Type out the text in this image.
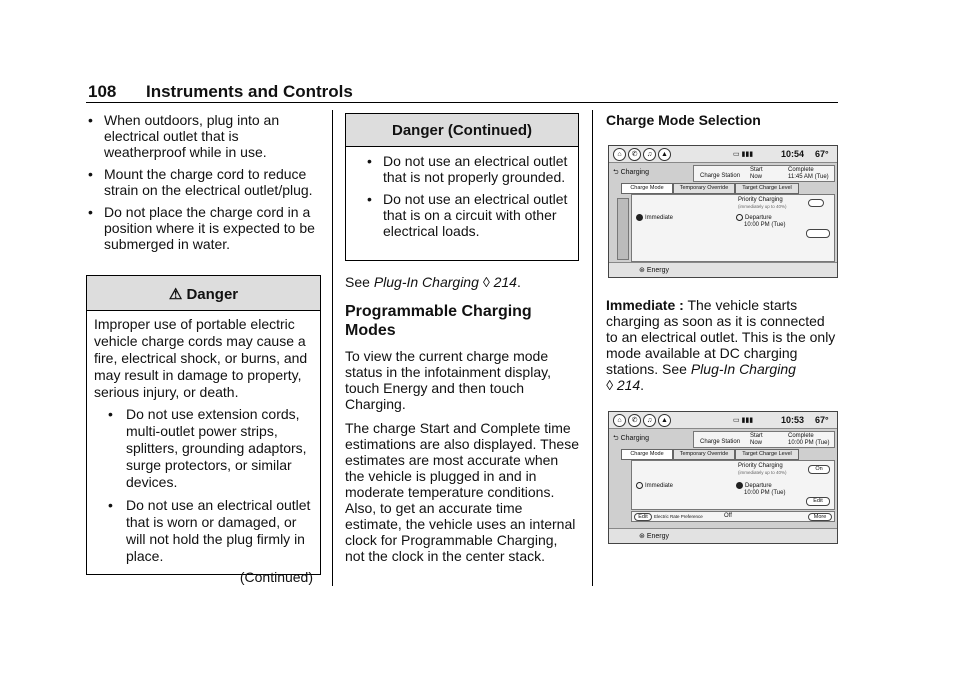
108 Instruments and Controls
• When outdoors, plug into an electrical outlet that is weatherproof while in use.
• Mount the charge cord to reduce strain on the electrical outlet/plug.
• Do not place the charge cord in a position where it is expected to be submerged in water.
⚠ Danger

Improper use of portable electric vehicle charge cords may cause a fire, electrical shock, or burns, and may result in damage to property, serious injury, or death.

• Do not use extension cords, multi-outlet power strips, splitters, grounding adaptors, surge protectors, or similar devices.
• Do not use an electrical outlet that is worn or damaged, or will not hold the plug firmly in place.
(Continued)
Danger (Continued)
• Do not use an electrical outlet that is not properly grounded.
• Do not use an electrical outlet that is on a circuit with other electrical loads.

See Plug-In Charging ◊ 214.

Programmable Charging Modes

To view the current charge mode status in the infotainment display, touch Energy and then touch Charging.

The charge Start and Complete time estimations are also displayed. These estimates are most accurate when the vehicle is plugged in and in moderate temperature conditions. Also, to get an accurate time estimate, the vehicle uses an internal clock for Programmable Charging, not the clock in the center stack.

Charge Mode Selection

⌂	✆	♫	▲	▭ ▮▮▮	10:54 67°
⮌ Charging	Charge Station
Start
Now
Complete
11:45 AM (Tue)
Charge Mode	Temporary Override	Target Charge Level
Priority Charging
(immediately up to 40%)
Immediate	Departure
10:00 PM (Tue)
⊛ Energy

Immediate : The vehicle starts charging as soon as it is connected to an electrical outlet. This is the only mode available at DC charging stations. See Plug-In Charging
◊ 214.

⌂	✆	♫	▲	▭ ▮▮▮	10:53 67°
⮌ Charging	Charge Station
Start
Now
Complete
10:00 PM (Tue)
Charge Mode	Temporary Override	Target Charge Level
Priority Charging
(immediately up to 40%)
On
Immediate	Departure
10:00 PM (Tue)
Edit
Edit	Electric Rate Preference	Off	More
⊛ Energy
